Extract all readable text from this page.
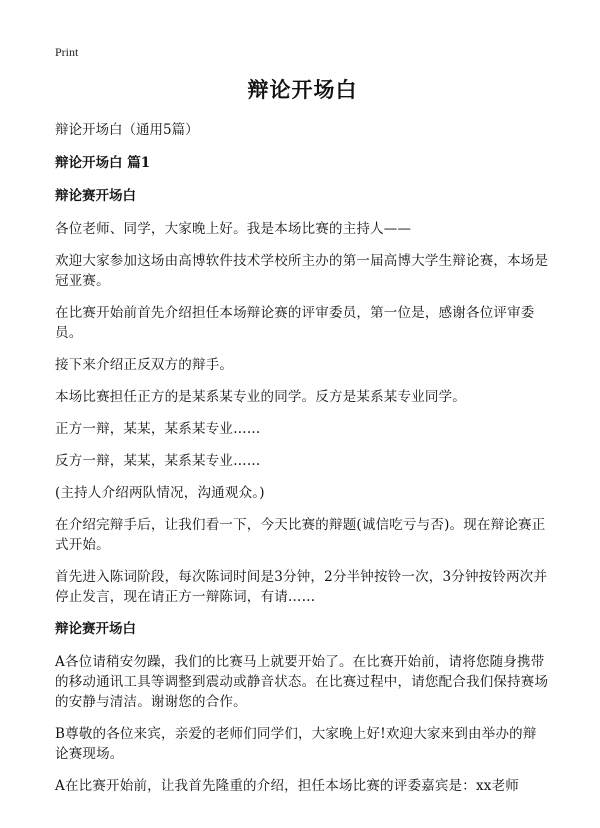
Print
辩论开场白
辩论开场白（通用5篇）
辩论开场白 篇1
辩论赛开场白

各位老师、同学，大家晚上好。我是本场比赛的主持人——

欢迎大家参加这场由高博软件技术学校所主办的第一届高博大学生辩论赛，本场是冠亚赛。

在比赛开始前首先介绍担任本场辩论赛的评审委员，第一位是，感谢各位评审委员。

接下来介绍正反双方的辩手。

本场比赛担任正方的是某系某专业的同学。反方是某系某专业同学。

正方一辩，某某，某系某专业……

反方一辩，某某，某系某专业……

(主持人介绍两队情况，沟通观众。)

在介绍完辩手后，让我们看一下，今天比赛的辩题(诚信吃亏与否)。现在辩论赛正式开始。

首先进入陈词阶段，每次陈词时间是3分钟，2分半钟按铃一次，3分钟按铃两次并停止发言，现在请正方一辩陈词，有请……

辩论赛开场白

A各位请稍安勿躁，我们的比赛马上就要开始了。在比赛开始前，请将您随身携带的移动通讯工具等调整到震动或静音状态。在比赛过程中，请您配合我们保持赛场的安静与清洁。谢谢您的合作。

B尊敬的各位来宾，亲爱的老师们同学们，大家晚上好!欢迎大家来到由举办的辩论赛现场。

A在比赛开始前，让我首先隆重的介绍，担任本场比赛的评委嘉宾是：xx老师
